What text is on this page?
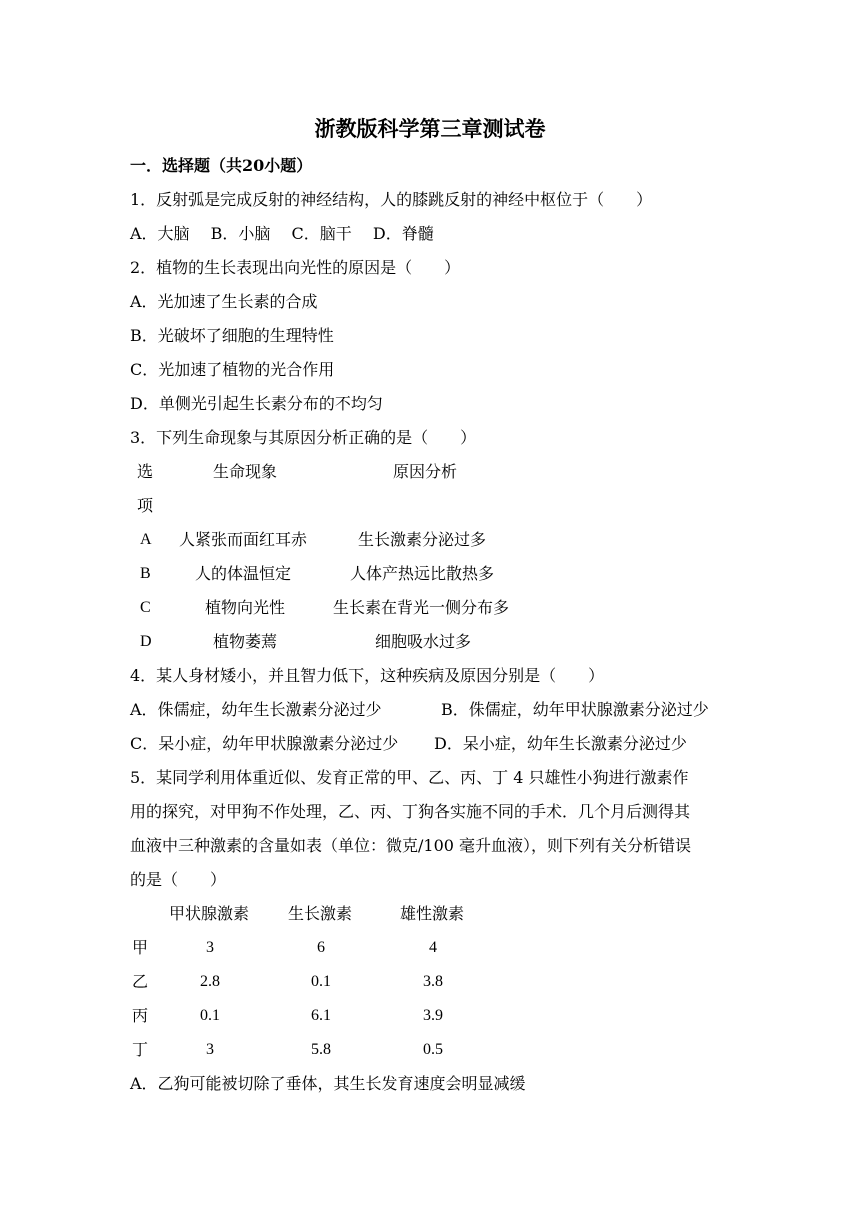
浙教版科学第三章测试卷
一．选择题（共20小题）
1．反射弧是完成反射的神经结构，人的膝跳反射的神经中枢位于（　　）
A．大脑 B．小脑 C．脑干 D．脊髓
2．植物的生长表现出向光性的原因是（　　）
A．光加速了生长素的合成
B．光破坏了细胞的生理特性
C．光加速了植物的光合作用
D．单侧光引起生长素分布的不均匀
3．下列生命现象与其原因分析正确的是（　　）
选
项
生命现象	原因分析
A 人紧张而面红耳赤	生长激素分泌过多
B	人的体温恒定	人体产热远比散热多
C	植物向光性	生长素在背光一侧分布多
D	植物萎蔫	细胞吸水过多
4．某人身材矮小，并且智力低下，这种疾病及原因分别是（　　）
A．侏儒症，幼年生长激素分泌过少	B．侏儒症，幼年甲状腺激素分泌过少
C．呆小症，幼年甲状腺激素分泌过少 D．呆小症，幼年生长激素分泌过少
5．某同学利用体重近似、发育正常的甲、乙、丙、丁 4 只雄性小狗进行激素作
用的探究，对甲狗不作处理，乙、丙、丁狗各实施不同的手术．几个月后测得其
血液中三种激素的含量如表（单位：微克/100 毫升血液），则下列有关分析错误
的是（　　）
甲状腺激素 生长激素	雄性激素
甲	3	6	4
乙	2.8	0.1	3.8
丙	0.1	6.1	3.9
丁	3	5.8	0.5
A．乙狗可能被切除了垂体，其生长发育速度会明显减缓
